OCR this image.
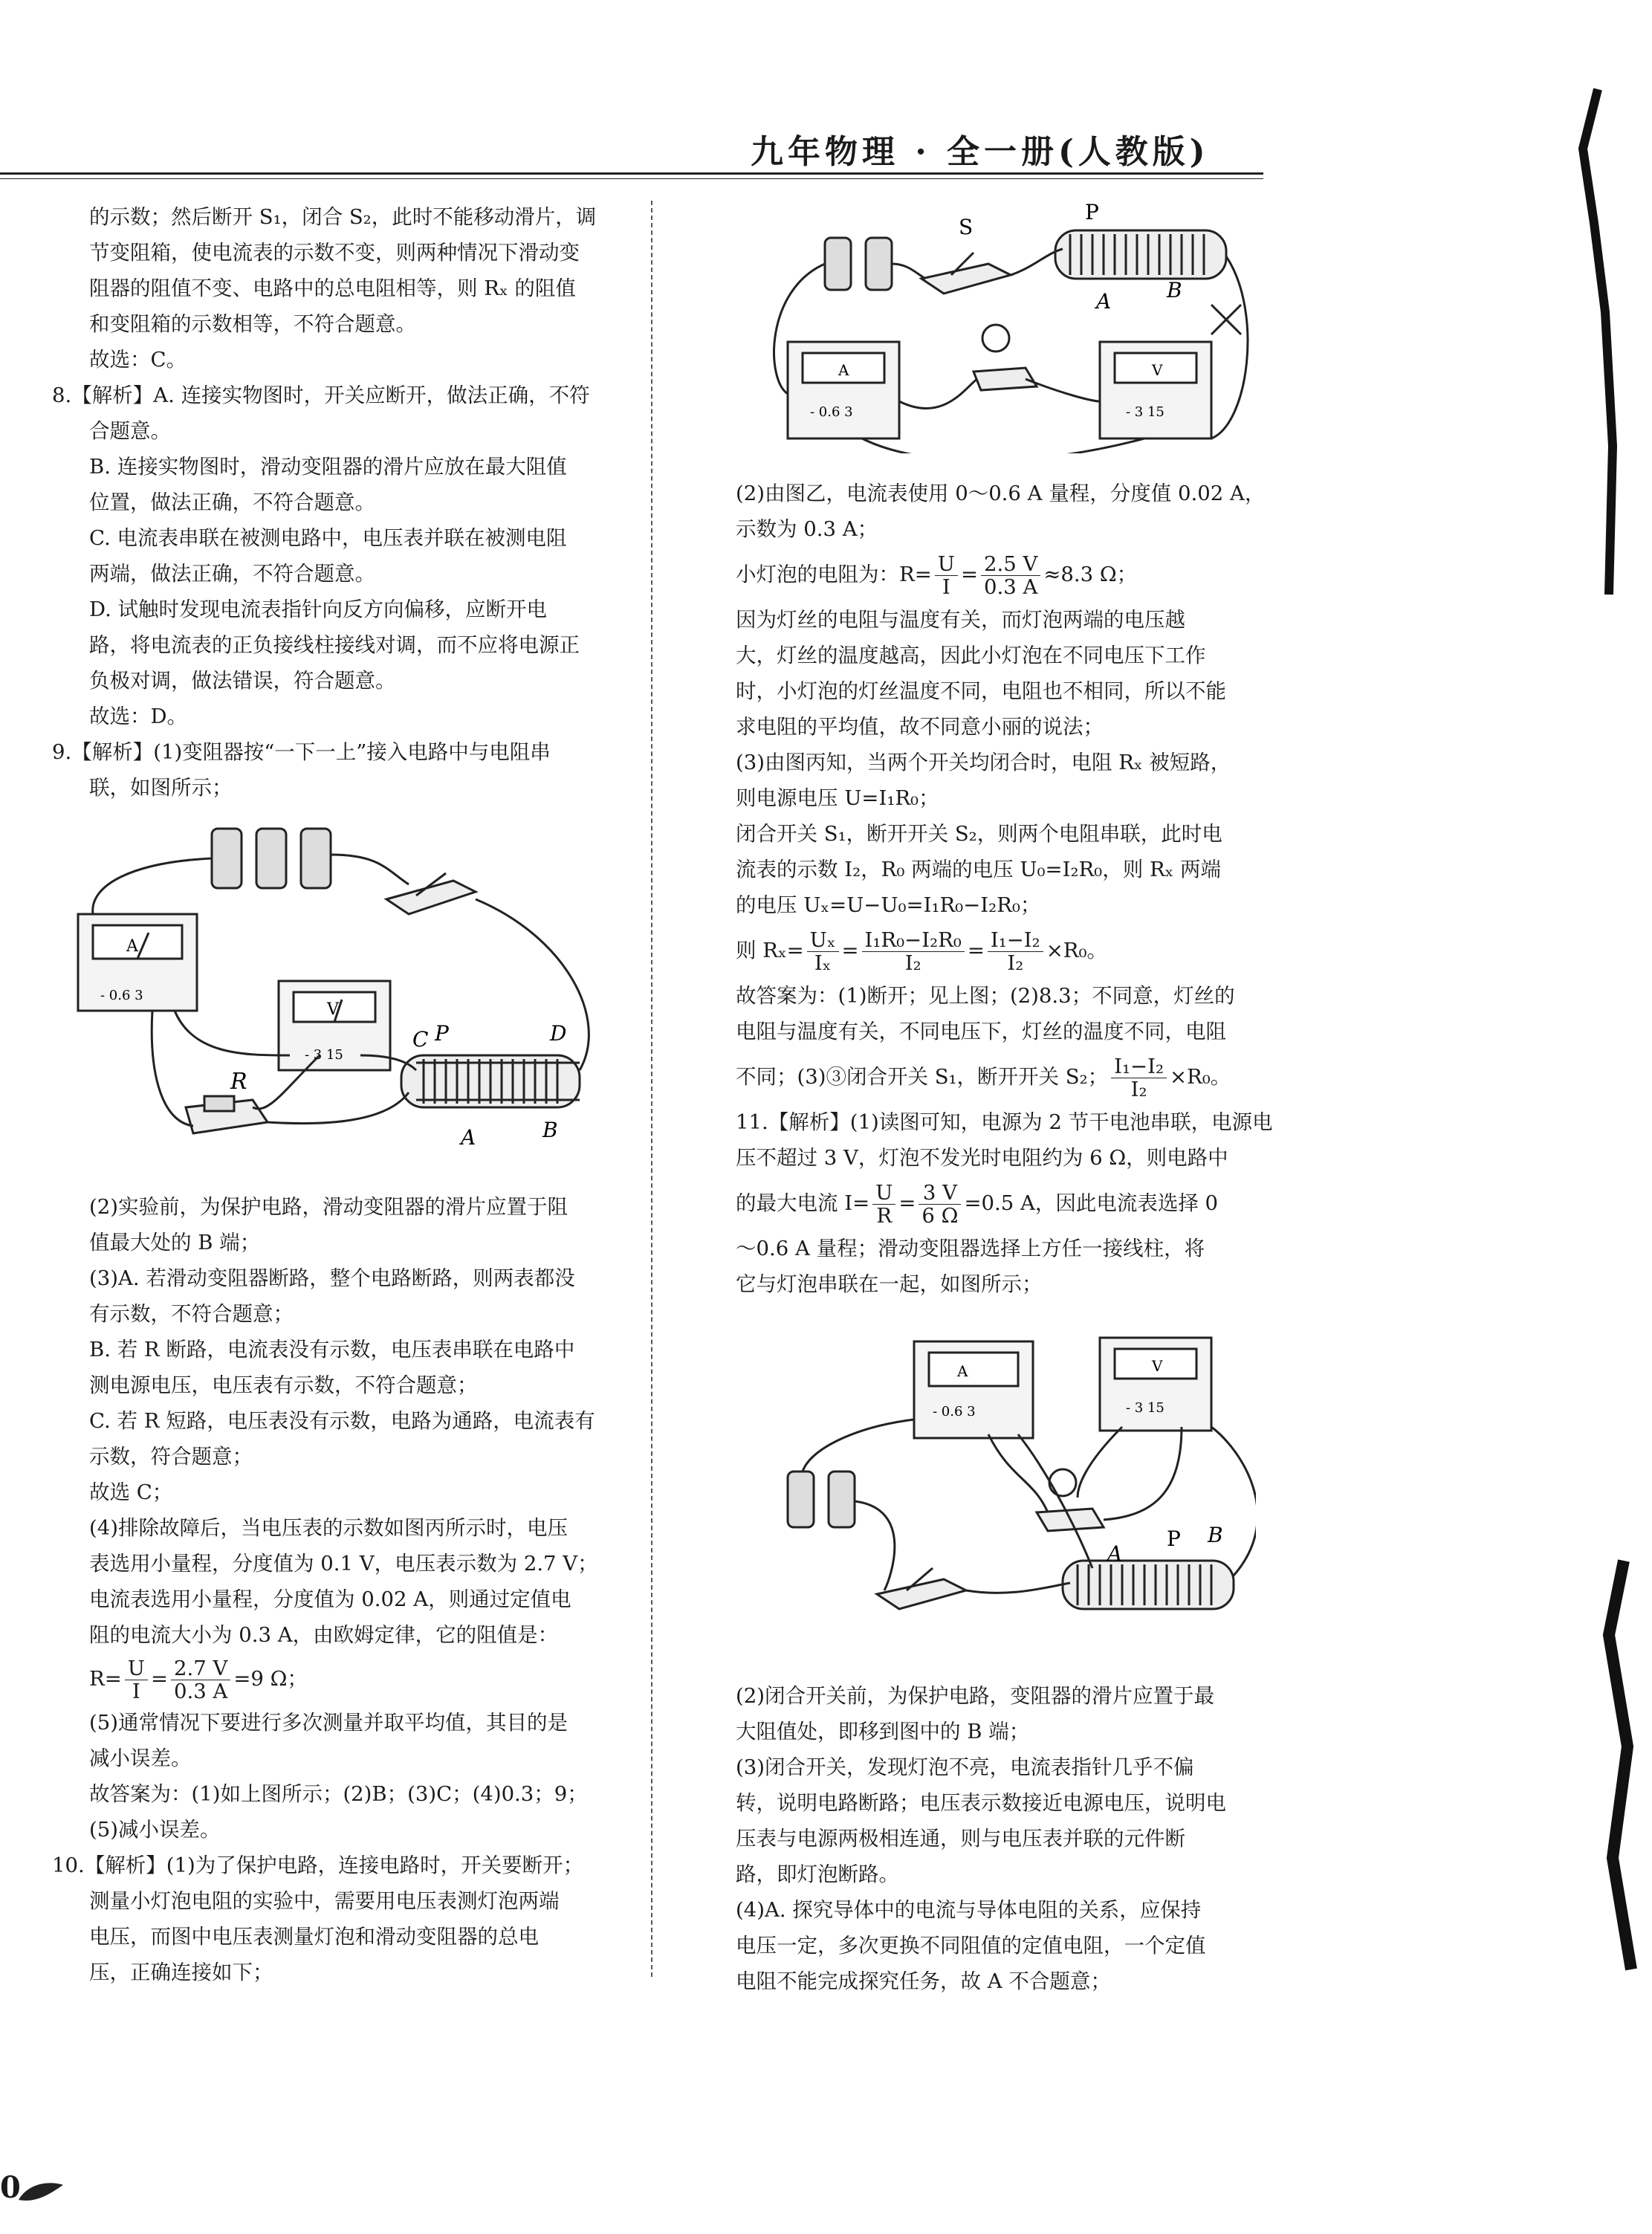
九年物理 · 全一册(人教版)

的示数；然后断开 S₁，闭合 S₂，此时不能移动滑片，调

节变阻箱，使电流表的示数不变，则两种情况下滑动变

阻器的阻值不变、电路中的总电阻相等，则 Rₓ 的阻值

和变阻箱的示数相等，不符合题意。

故选：C。

8.【解析】A. 连接实物图时，开关应断开，做法正确，不符

合题意。

B. 连接实物图时，滑动变阻器的滑片应放在最大阻值

位置，做法正确，不符合题意。

C. 电流表串联在被测电路中，电压表并联在被测电阻

两端，做法正确，不符合题意。

D. 试触时发现电流表指针向反方向偏移，应断开电

路，将电流表的正负接线柱接线对调，而不应将电源正

负极对调，做法错误，符合题意。

故选：D。

9.【解析】(1)变阻器按“一下一上”接入电路中与电阻串

联，如图所示；

A
- 0.6 3
V
- 3 15
C P	D
R
A	B

(2)实验前，为保护电路，滑动变阻器的滑片应置于阻

值最大处的 B 端；

(3)A. 若滑动变阻器断路，整个电路断路，则两表都没

有示数，不符合题意；

B. 若 R 断路，电流表没有示数，电压表串联在电路中

测电源电压，电压表有示数，不符合题意；

C. 若 R 短路，电压表没有示数，电路为通路，电流表有

示数，符合题意；

故选 C；

(4)排除故障后，当电压表的示数如图丙所示时，电压

表选用小量程，分度值为 0.1 V，电压表示数为 2.7 V；

电流表选用小量程，分度值为 0.02 A，则通过定值电

阻的电流大小为 0.3 A，由欧姆定律，它的阻值是：

$R= \frac{U}{I} = \frac{2.7 V}{0.3 A} =9$ Ω；

(5)通常情况下要进行多次测量并取平均值，其目的是

减小误差。

故答案为：(1)如上图所示；(2)B；(3)C；(4)0.3；9；

(5)减小误差。

10.【解析】(1)为了保护电路，连接电路时，开关要断开；

测量小灯泡电阻的实验中，需要用电压表测灯泡两端

电压，而图中电压表测量灯泡和滑动变阻器的总电

压，正确连接如下；

S
P
A	B
A
- 0.6 3
V
- 3 15

(2)由图乙，电流表使用 0～0.6 A 量程，分度值 0.02 A，

示数为 0.3 A；

小灯泡的电阻为：$R= \frac{U}{I} = \frac{2.5 V}{0.3 A} \approx 8.3$ Ω；

因为灯丝的电阻与温度有关，而灯泡两端的电压越

大，灯丝的温度越高，因此小灯泡在不同电压下工作

时，小灯泡的灯丝温度不同，电阻也不相同，所以不能

求电阻的平均值，故不同意小丽的说法；

(3)由图丙知，当两个开关均闭合时，电阻 Rₓ 被短路，

则电源电压 U=I₁R₀；

闭合开关 S₁，断开开关 S₂，则两个电阻串联，此时电

流表的示数 I₂，R₀ 两端的电压 U₀=I₂R₀，则 Rₓ 两端

的电压 Uₓ=U−U₀=I₁R₀−I₂R₀；

则 $R_x= \frac{\text{Uₓ}}{\text{Iₓ}} = \frac{\text{I₁R₀−I₂R₀}}{\text{I₂}} = \frac{\text{I₁−I₂}}{\text{I₂}} \times R_0$。

故答案为：(1)断开；见上图；(2)8.3；不同意，灯丝的

电阻与温度有关，不同电压下，灯丝的温度不同，电阻

不同；(3)③闭合开关 S₁，断开开关 S₂； $\frac{\text{I₁−I₂}}{\text{I₂}} \times R_0$。

11.【解析】(1)读图可知，电源为 2 节干电池串联，电源电

压不超过 3 V，灯泡不发光时电阻约为 6 Ω，则电路中

的最大电流 $I= \frac{U}{R} = \frac{3 V}{6 \Omega} =0.5$ A，因此电流表选择 0

～0.6 A 量程；滑动变阻器选择上方任一接线柱，将

它与灯泡串联在一起，如图所示；

A
- 0.6 3
V
- 3 15
P
A
B

(2)闭合开关前，为保护电路，变阻器的滑片应置于最

大阻值处，即移到图中的 B 端；

(3)闭合开关，发现灯泡不亮，电流表指针几乎不偏

转，说明电路断路；电压表示数接近电源电压，说明电

压表与电源两极相连通，则与电压表并联的元件断

路，即灯泡断路。

(4)A. 探究导体中的电流与导体电阻的关系，应保持

电压一定，多次更换不同阻值的定值电阻，一个定值

电阻不能完成探究任务，故 A 不合题意；

0
